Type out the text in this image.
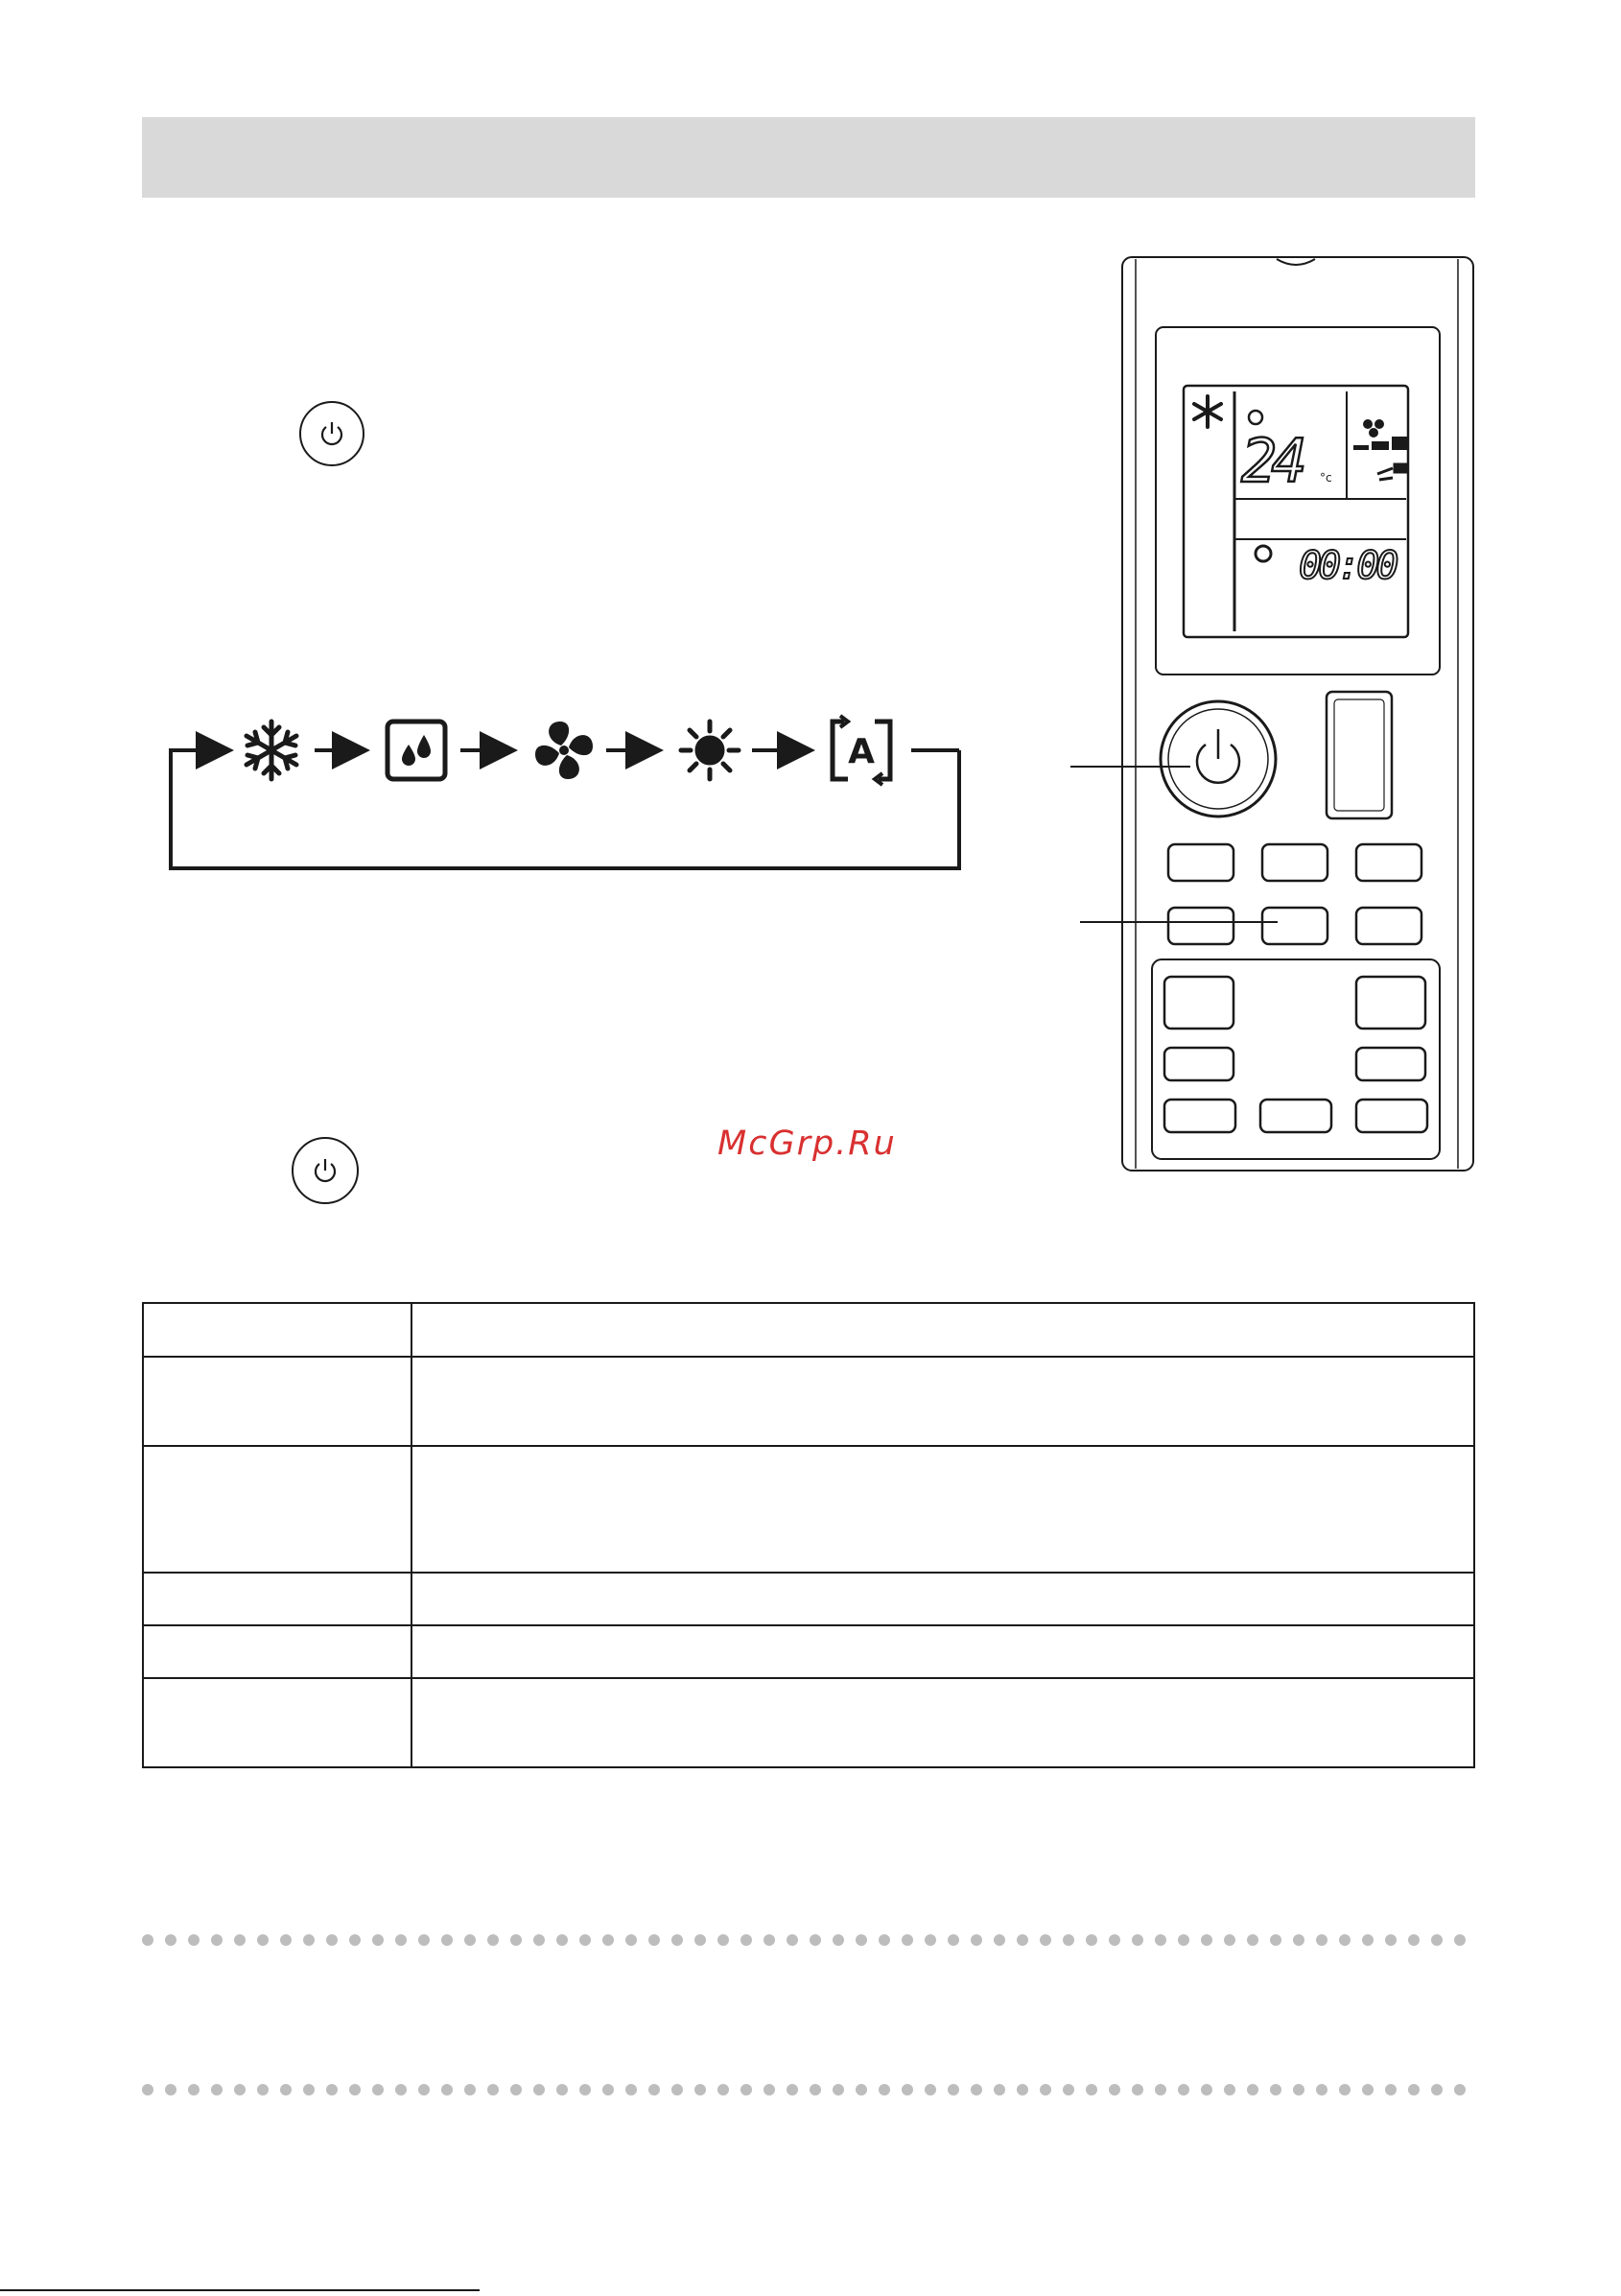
A
24 °c
00:00
McGrp.Ru
